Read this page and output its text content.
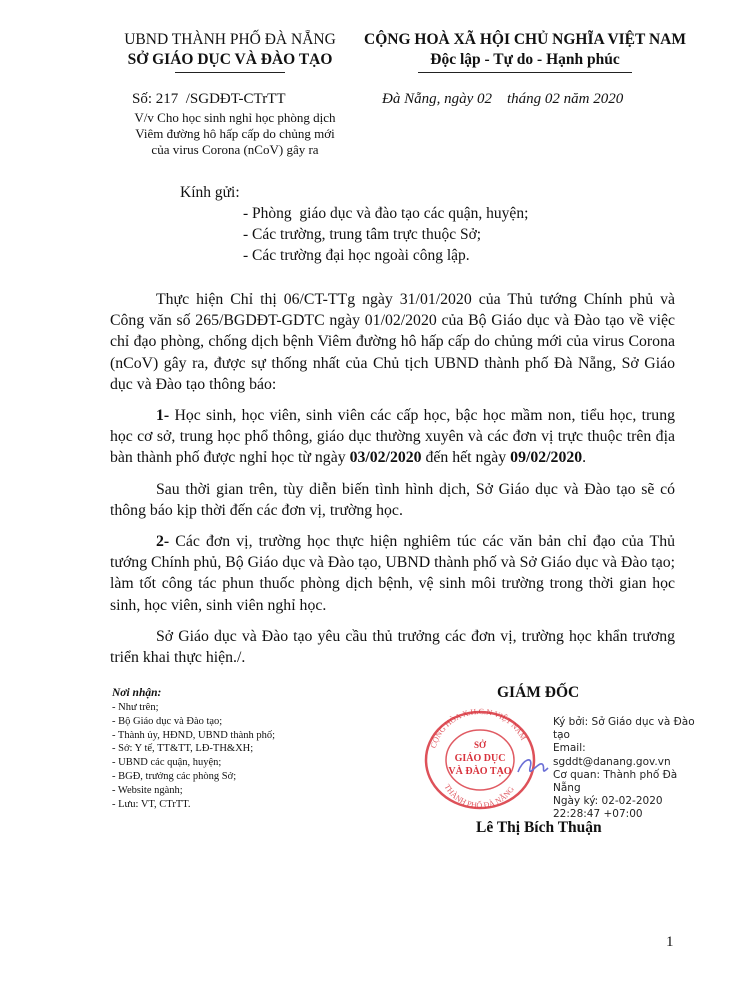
UBND THÀNH PHỐ ĐÀ NẴNG
SỞ GIÁO DỤC VÀ ĐÀO TẠO
CỘNG HOÀ XÃ HỘI CHỦ NGHĨA VIỆT NAM
Độc lập - Tự do - Hạnh phúc
Số: 217  /SGDĐT-CTrTT	Đà Nẵng, ngày 02    tháng 02 năm 2020
V/v Cho học sinh nghỉ học phòng dịch
Viêm đường hô hấp cấp do chủng mới
của virus Corona (nCoV) gây ra
Kính gửi:
- Phòng  giáo dục và đào tạo các quận, huyện;
- Các trường, trung tâm trực thuộc Sở;
- Các trường đại học ngoài công lập.

Thực hiện Chỉ thị 06/CT-TTg ngày 31/01/2020 của Thủ tướng Chính phủ và Công văn số 265/BGDĐT-GDTC ngày 01/02/2020 của Bộ Giáo dục và Đào tạo về việc chỉ đạo phòng, chống dịch bệnh Viêm đường hô hấp cấp do chủng mới của virus Corona (nCoV) gây ra, được sự thống nhất của Chủ tịch UBND thành phố Đà Nẵng, Sở Giáo dục và Đào tạo thông báo:

1- Học sinh, học viên, sinh viên các cấp học, bậc học mầm non, tiểu học, trung học cơ sở, trung học phổ thông, giáo dục thường xuyên và các đơn vị trực thuộc trên địa bàn thành phố được nghỉ học từ ngày 03/02/2020 đến hết ngày 09/02/2020.

Sau thời gian trên, tùy diễn biến tình hình dịch, Sở Giáo dục và Đào tạo sẽ có thông báo kịp thời đến các đơn vị, trường học.

2- Các đơn vị, trường học thực hiện nghiêm túc các văn bản chỉ đạo của Thủ tướng Chính phủ, Bộ Giáo dục và Đào tạo, UBND thành phố và Sở Giáo dục và Đào tạo; làm tốt công tác phun thuốc phòng dịch bệnh, vệ sinh môi trường trong thời gian học sinh, học viên, sinh viên nghỉ học.

Sở Giáo dục và Đào tạo yêu cầu thủ trưởng các đơn vị, trường học khẩn trương triển khai thực hiện./.

Nơi nhận:
- Như trên;
- Bộ Giáo dục và Đào tạo;
- Thành ủy, HĐND, UBND thành phố;
- Sở: Y tế, TT&TT, LĐ-TH&XH;
- UBND các quận, huyện;
- BGĐ, trưởng các phòng Sở;
- Website ngành;
- Lưu: VT, CTrTT.
GIÁM ĐỐC
CỘNG HÒA X.H.C.N VIỆT NAM
THÀNH PHỐ ĐÀ NẴNG
SỞ
GIÁO DỤC
VÀ ĐÀO TẠO
Ký bởi: Sở Giáo dục và Đào
tạo
Email:
sgddt@danang.gov.vn
Cơ quan: Thành phố Đà
Nẵng
Ngày ký: 02-02-2020
22:28:47 +07:00
Lê Thị Bích Thuận
1
